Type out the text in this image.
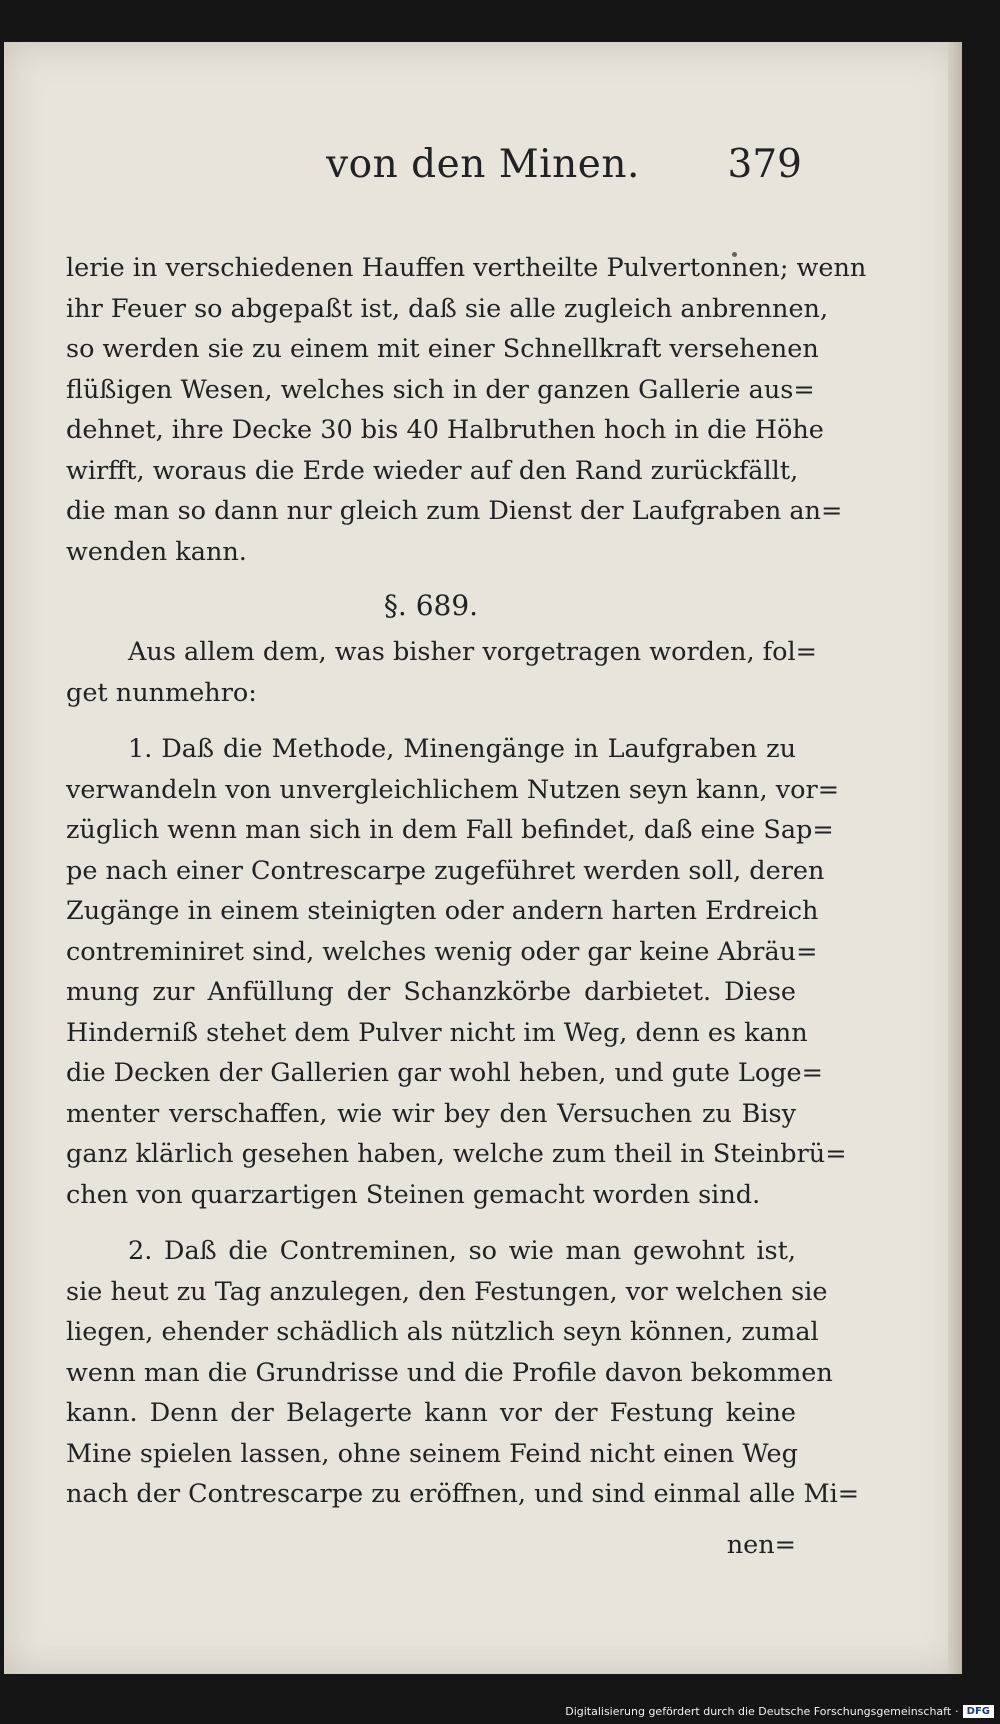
von den Minen.	379
lerie in verschiedenen Hauffen vertheilte Pulvertonnen; wenn
ihr Feuer so abgepaßt ist, daß sie alle zugleich anbrennen,
so werden sie zu einem mit einer Schnellkraft versehenen
flüßigen Wesen, welches sich in der ganzen Gallerie aus=
dehnet, ihre Decke 30 bis 40 Halbruthen hoch in die Höhe
wirfft, woraus die Erde wieder auf den Rand zurückfällt,
die man so dann nur gleich zum Dienst der Laufgraben an=
wenden kann.
§. 689.
Aus allem dem, was bisher vorgetragen worden, fol=
get nunmehro:
1. Daß die Methode, Minengänge in Laufgraben zu
verwandeln von unvergleichlichem Nutzen seyn kann, vor=
züglich wenn man sich in dem Fall befindet, daß eine Sap=
pe nach einer Contrescarpe zugeführet werden soll, deren
Zugänge in einem steinigten oder andern harten Erdreich
contreminiret sind, welches wenig oder gar keine Abräu=
mung zur Anfüllung der Schanzkörbe darbietet. Diese
Hinderniß stehet dem Pulver nicht im Weg, denn es kann
die Decken der Gallerien gar wohl heben, und gute Loge=
menter verschaffen, wie wir bey den Versuchen zu Bisy
ganz klärlich gesehen haben, welche zum theil in Steinbrü=
chen von quarzartigen Steinen gemacht worden sind.
2. Daß die Contreminen, so wie man gewohnt ist,
sie heut zu Tag anzulegen, den Festungen, vor welchen sie
liegen, ehender schädlich als nützlich seyn können, zumal
wenn man die Grundrisse und die Profile davon bekommen
kann. Denn der Belagerte kann vor der Festung keine
Mine spielen lassen, ohne seinem Feind nicht einen Weg
nach der Contrescarpe zu eröffnen, und sind einmal alle Mi=
nen=
Digitalisierung gefördert durch die Deutsche Forschungsgemeinschaft · DFG
